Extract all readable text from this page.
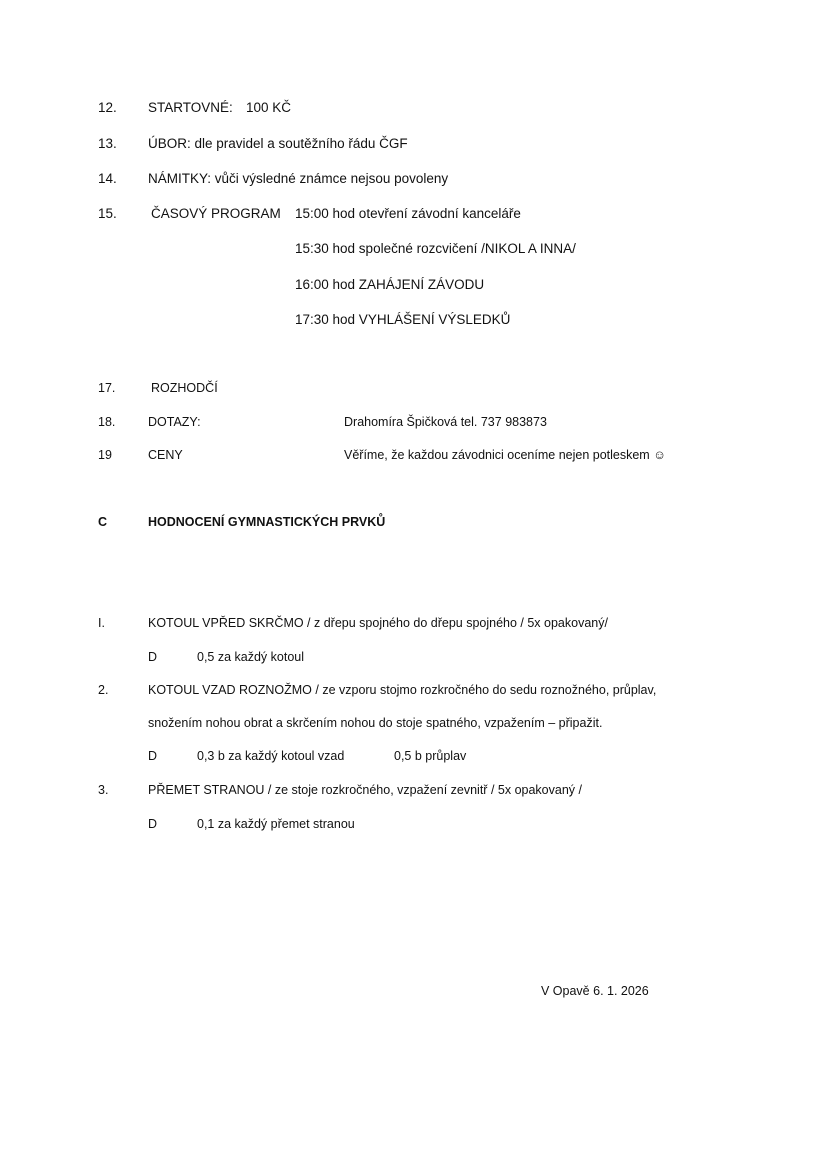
12. STARTOVNÉ: 100 KČ
13. ÚBOR: dle pravidel a soutěžního řádu ČGF
14. NÁMITKY: vůči výsledné známce nejsou povoleny
15.	ČASOVÝ PROGRAM 15:00 hod otevření závodní kanceláře
15:30 hod společné rozcvičení /NIKOL A INNA/
16:00 hod ZAHÁJENÍ ZÁVODU
17:30 hod VYHLÁŠENÍ VÝSLEDKŮ
17.	ROZHODČÍ
18.	DOTAZY:	Drahomíra Špičková tel. 737 983873
19	CENY	Věříme, že každou závodnici oceníme nejen potleskem ☺
C	HODNOCENÍ GYMNASTICKÝCH PRVKŮ
I.	KOTOUL VPŘED SKRČMO / z dřepu spojného do dřepu spojného / 5x opakovaný/
D	0,5 za každý kotoul
2.	KOTOUL VZAD ROZNOŽMO / ze vzporu stojmo rozkročného do sedu roznožného, průplav,
snožením nohou obrat a skrčením nohou do stoje spatného, vzpažením – připažit.
D	0,3 b za každý kotoul vzad	0,5 b průplav
3.	PŘEMET STRANOU / ze stoje rozkročného, vzpažení zevnitř / 5x opakovaný /
D	0,1 za každý přemet stranou
V Opavě 6. 1. 2026
